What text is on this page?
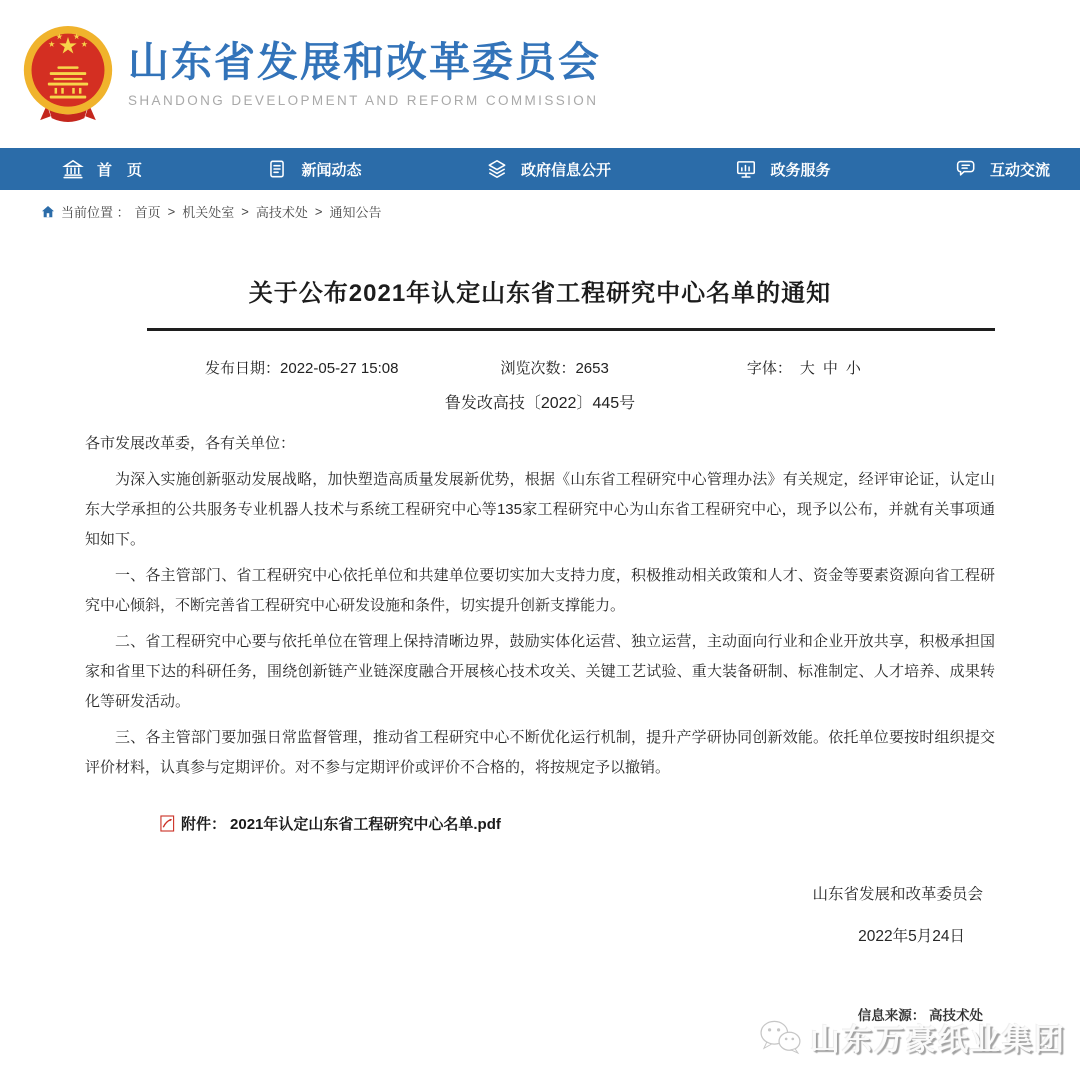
山东省发展和改革委员会
SHANDONG DEVELOPMENT AND REFORM COMMISSION
首　页	新闻动态	政府信息公开	政务服务	互动交流
当前位置 ： 首页 > 机关处室 > 高技术处 > 通知公告
关于公布2021年认定山东省工程研究中心名单的通知
发布日期：2022-05-27 15:08	浏览次数：2653	字体： 大 中 小
鲁发改高技〔2022〕445号

各市发展改革委，各有关单位：

为深入实施创新驱动发展战略，加快塑造高质量发展新优势，根据《山东省工程研究中心管理办法》有关规定，经评审论证，认定山东大学承担的公共服务专业机器人技术与系统工程研究中心等135家工程研究中心为山东省工程研究中心，现予以公布，并就有关事项通知如下。

一、各主管部门、省工程研究中心依托单位和共建单位要切实加大支持力度，积极推动相关政策和人才、资金等要素资源向省工程研究中心倾斜，不断完善省工程研究中心研发设施和条件，切实提升创新支撑能力。

二、省工程研究中心要与依托单位在管理上保持清晰边界，鼓励实体化运营、独立运营，主动面向行业和企业开放共享，积极承担国家和省里下达的科研任务，围绕创新链产业链深度融合开展核心技术攻关、关键工艺试验、重大装备研制、标准制定、人才培养、成果转化等研发活动。

三、各主管部门要加强日常监督管理，推动省工程研究中心不断优化运行机制，提升产学研协同创新效能。依托单位要按时组织提交评价材料，认真参与定期评价。对不参与定期评价或评价不合格的，将按规定予以撤销。

附件： 2021年认定山东省工程研究中心名单.pdf
山东省发展和改革委员会
2022年5月24日
信息来源： 高技术处
山东万豪纸业集团
